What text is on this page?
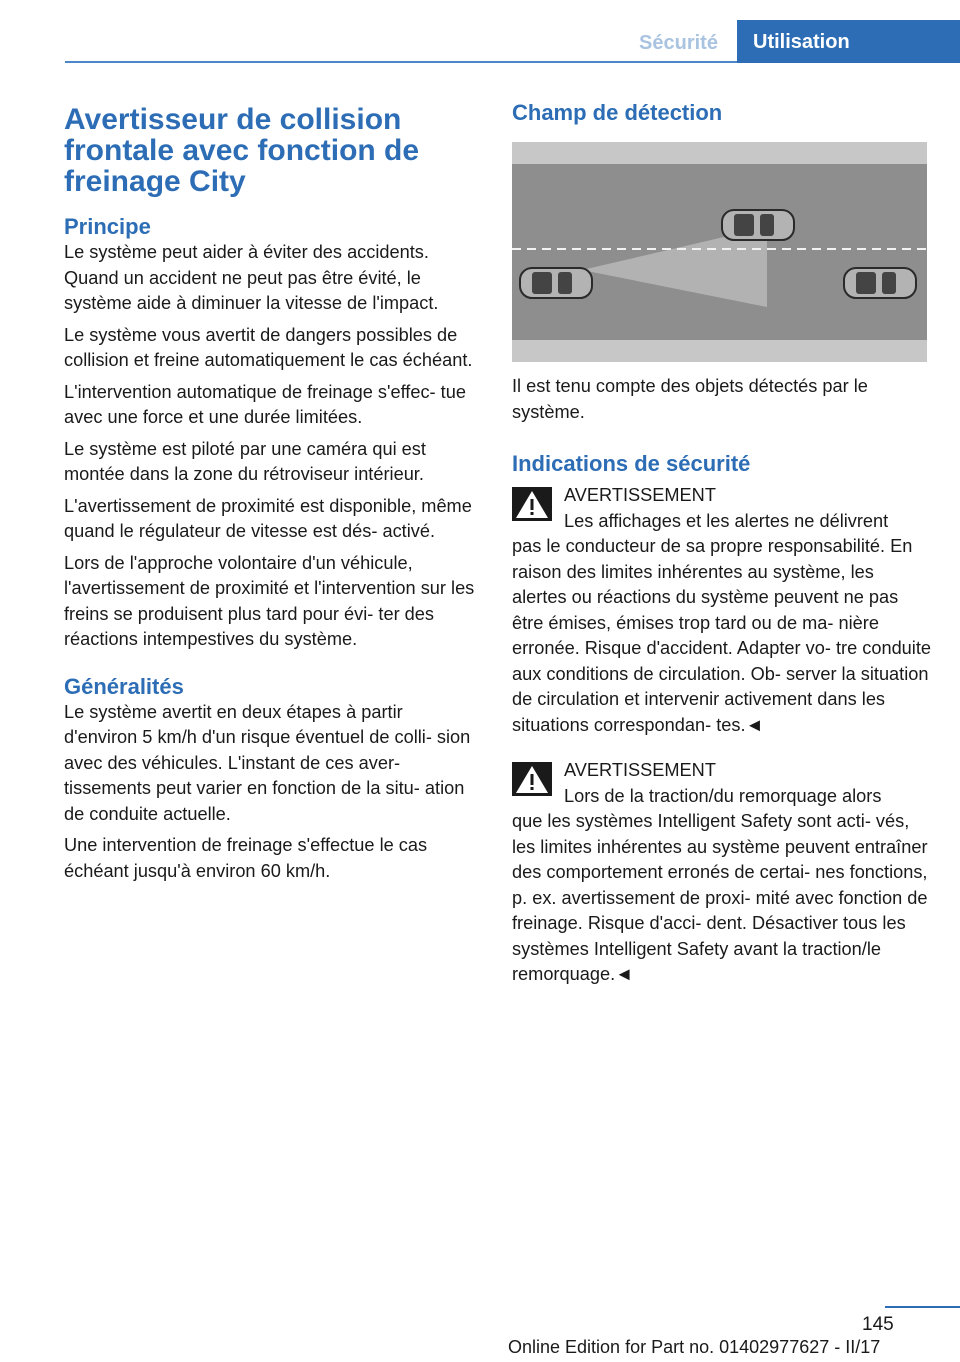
Sécurité	Utilisation
Avertisseur de collision frontale avec fonction de freinage City
Principe

Le système peut aider à éviter des accidents. Quand un accident ne peut pas être évité, le système aide à diminuer la vitesse de l'impact.

Le système vous avertit de dangers possibles de collision et freine automatiquement le cas échéant.

L'intervention automatique de freinage s'effec‐ tue avec une force et une durée limitées.

Le système est piloté par une caméra qui est montée dans la zone du rétroviseur intérieur.

L'avertissement de proximité est disponible, même quand le régulateur de vitesse est dés‐ activé.

Lors de l'approche volontaire d'un véhicule, l'avertissement de proximité et l'intervention sur les freins se produisent plus tard pour évi‐ ter des réactions intempestives du système.

Généralités

Le système avertit en deux étapes à partir d'environ 5 km/h d'un risque éventuel de colli‐ sion avec des véhicules. L'instant de ces aver‐ tissements peut varier en fonction de la situ‐ ation de conduite actuelle.

Une intervention de freinage s'effectue le cas échéant jusqu'à environ 60 km/h.

Champ de détection

Il est tenu compte des objets détectés par le système.

Indications de sécurité

AVERTISSEMENT

Les affichages et les alertes ne délivrent

pas le conducteur de sa propre responsabilité. En raison des limites inhérentes au système, les alertes ou réactions du système peuvent ne pas être émises, émises trop tard ou de ma‐ nière erronée. Risque d'accident. Adapter vo‐ tre conduite aux conditions de circulation. Ob‐ server la situation de circulation et intervenir activement dans les situations correspondan‐ tes.◄

AVERTISSEMENT

Lors de la traction/du remorquage alors

que les systèmes Intelligent Safety sont acti‐ vés, les limites inhérentes au système peuvent entraîner des comportement erronés de certai‐ nes fonctions, p. ex. avertissement de proxi‐ mité avec fonction de freinage. Risque d'acci‐ dent. Désactiver tous les systèmes Intelligent Safety avant la traction/le remorquage.◄

145
Online Edition for Part no. 01402977627 - II/17
